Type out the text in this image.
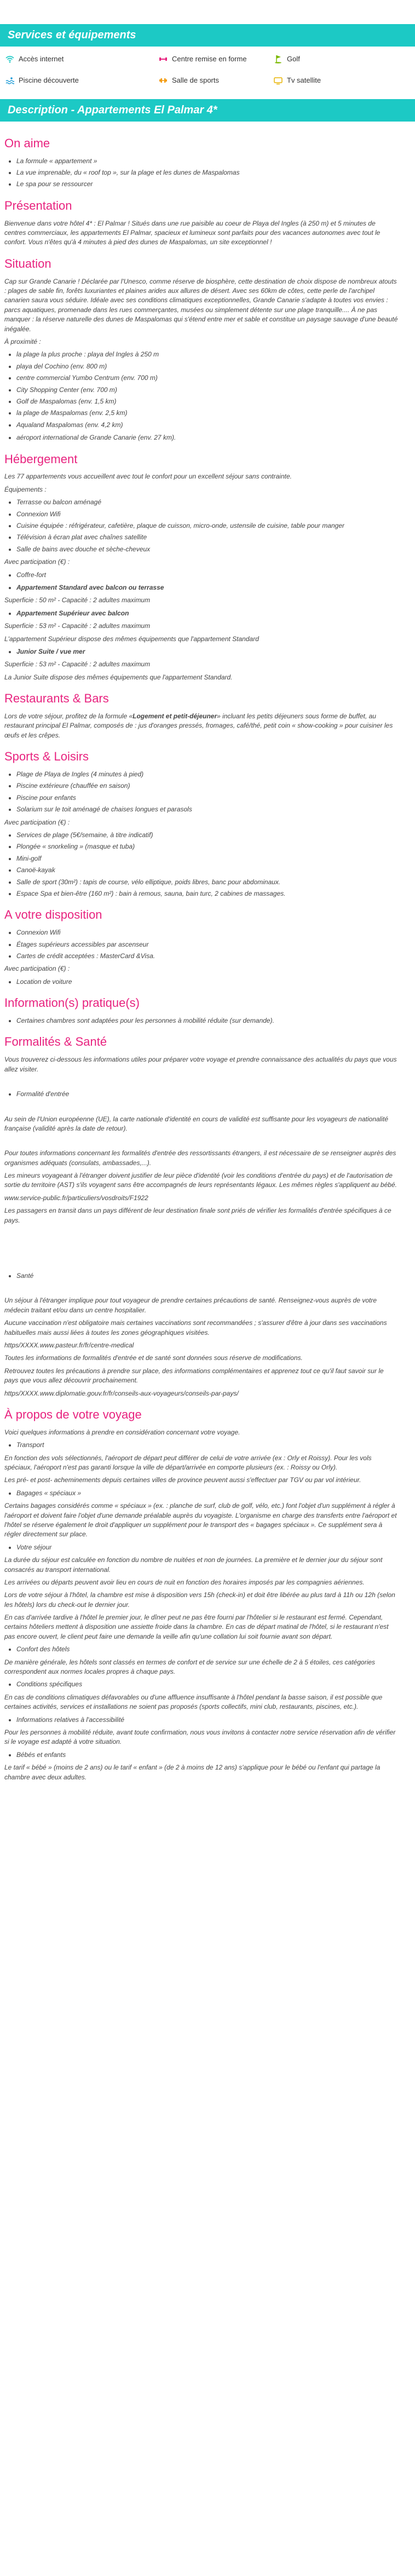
Services et équipements
Accès internet	Centre remise en forme	Golf
Piscine découverte	Salle de sports	Tv satellite
Description - Appartements El Palmar 4*
On aime
• La formule « appartement »
• La vue imprenable, du « roof top », sur la plage et les dunes de Maspalomas
• Le spa pour se ressourcer
Présentation

Bienvenue dans votre hôtel 4* : El Palmar ! Situés dans une rue paisible au coeur de Playa del Ingles (à 250 m) et 5 minutes de centres commerciaux, les appartements El Palmar, spacieux et lumineux sont parfaits pour des vacances autonomes avec tout le confort. Vous n'êtes qu'à 4 minutes à pied des dunes de Maspalomas, un site exceptionnel !

Situation

Cap sur Grande Canarie ! Déclarée par l'Unesco, comme réserve de biosphère, cette destination de choix dispose de nombreux atouts : plages de sable fin, forêts luxuriantes et plaines arides aux allures de désert. Avec ses 60km de côtes, cette perle de l'archipel canarien saura vous séduire. Idéale avec ses conditions climatiques exceptionnelles, Grande Canarie s'adapte à toutes vos envies : parcs aquatiques, promenade dans les rues commerçantes, musées ou simplement détente sur une plage tranquille.... À ne pas manquer : la réserve naturelle des dunes de Maspalomas qui s'étend entre mer et sable et constitue un paysage sauvage d'une beauté inégalée.

À proximité :

• la plage la plus proche : playa del Ingles à 250 m
• playa del Cochino (env. 800 m)
• centre commercial Yumbo Centrum (env. 700 m)
• City Shopping Center (env. 700 m)
• Golf de Maspalomas (env. 1,5 km)
• la plage de Maspalomas (env. 2,5 km)
• Aqualand Maspalomas (env. 4,2 km)
• aéroport international de Grande Canarie (env. 27 km).
Hébergement

Les 77 appartements vous accueillent avec tout le confort pour un excellent séjour sans contrainte.

Équipements :

• Terrasse ou balcon aménagé
• Connexion Wifi
• Cuisine équipée : réfrigérateur, cafetière, plaque de cuisson, micro-onde, ustensile de cuisine, table pour manger
• Télévision à écran plat avec chaînes satellite
• Salle de bains avec douche et sèche-cheveux

Avec participation (€) :

• Coffre-fort
• Appartement Standard avec balcon ou terrasse

Superficie : 50 m² - Capacité : 2 adultes maximum

• Appartement Supérieur avec balcon

Superficie : 53 m² - Capacité : 2 adultes maximum

L'appartement Supérieur dispose des mêmes équipements que l'appartement Standard

• Junior Suite / vue mer

Superficie : 53 m² - Capacité : 2 adultes maximum

La Junior Suite dispose des mêmes équipements que l'appartement Standard.

Restaurants & Bars

Lors de votre séjour, profitez de la formule «Logement et petit-déjeuner» incluant les petits déjeuners sous forme de buffet, au restaurant principal El Palmar, composés de : jus d'oranges pressés, fromages, café/thé, petit coin « show-cooking » pour cuisiner les œufs et les crêpes.

Sports & Loisirs
• Plage de Playa de Ingles (4 minutes à pied)
• Piscine extérieure (chauffée en saison)
• Piscine pour enfants
• Solarium sur le toit aménagé de chaises longues et parasols

Avec participation (€) :

• Services de plage (5€/semaine, à titre indicatif)
• Plongée « snorkeling » (masque et tuba)
• Mini-golf
• Canoë-kayak
• Salle de sport (30m²) : tapis de course, vélo elliptique, poids libres, banc pour abdominaux.
• Espace Spa et bien-être (160 m²) : bain à remous, sauna, bain turc, 2 cabines de massages.
A votre disposition
• Connexion Wifi
• Étages supérieurs accessibles par ascenseur
• Cartes de crédit acceptées : MasterCard &Visa.

Avec participation (€) :

• Location de voiture
Information(s) pratique(s)
• Certaines chambres sont adaptées pour les personnes à mobilité réduite (sur demande).
Formalités & Santé

Vous trouverez ci-dessous les informations utiles pour préparer votre voyage et prendre connaissance des actualités du pays que vous allez visiter.

• Formalité d'entrée

Au sein de l'Union européenne (UE), la carte nationale d'identité en cours de validité est suffisante pour les voyageurs de nationalité française (validité après la date de retour).

Pour toutes informations concernant les formalités d'entrée des ressortissants étrangers, il est nécessaire de se renseigner auprès des organismes adéquats (consulats, ambassades,...).

Les mineurs voyageant à l'étranger doivent justifier de leur pièce d'identité (voir les conditions d'entrée du pays) et de l'autorisation de sortie du territoire (AST) s'ils voyagent sans être accompagnés de leurs représentants légaux. Les mêmes règles s'appliquent au bébé.

www.service-public.fr/particuliers/vosdroits/F1922

Les passagers en transit dans un pays différent de leur destination finale sont priés de vérifier les formalités d'entrée spécifiques à ce pays.

• Santé

Un séjour à l'étranger implique pour tout voyageur de prendre certaines précautions de santé. Renseignez-vous auprès de votre médecin traitant et/ou dans un centre hospitalier.

Aucune vaccination n'est obligatoire mais certaines vaccinations sont recommandées ; s'assurer d'être à jour dans ses vaccinations habituelles mais aussi liées à toutes les zones géographiques visitées.

https/XXXX.www.pasteur.fr/fr/centre-medical

Toutes les informations de formalités d'entrée et de santé sont données sous réserve de modifications.

Retrouvez toutes les précautions à prendre sur place, des informations complémentaires et apprenez tout ce qu'il faut savoir sur le pays que vous allez découvrir prochainement.

https/XXXX.www.diplomatie.gouv.fr/fr/conseils-aux-voyageurs/conseils-par-pays/

À propos de votre voyage

Voici quelques informations à prendre en considération concernant votre voyage.

• Transport

En fonction des vols sélectionnés, l'aéroport de départ peut différer de celui de votre arrivée (ex : Orly et Roissy). Pour les vols spéciaux, l'aéroport n'est pas garanti lorsque la ville de départ/arrivée en comporte plusieurs (ex. : Roissy ou Orly).

Les pré- et post- acheminements depuis certaines villes de province peuvent aussi s'effectuer par TGV ou par vol intérieur.

• Bagages « spéciaux »

Certains bagages considérés comme « spéciaux » (ex. : planche de surf, club de golf, vélo, etc.) font l'objet d'un supplément à régler à l'aéroport et doivent faire l'objet d'une demande préalable auprès du voyagiste. L'organisme en charge des transferts entre l'aéroport et l'hôtel se réserve également le droit d'appliquer un supplément pour le transport des « bagages spéciaux ». Ce supplément sera à régler directement sur place.

• Votre séjour

La durée du séjour est calculée en fonction du nombre de nuitées et non de journées. La première et le dernier jour du séjour sont consacrés au transport international.

Les arrivées ou départs peuvent avoir lieu en cours de nuit en fonction des horaires imposés par les compagnies aériennes.

Lors de votre séjour à l'hôtel, la chambre est mise à disposition vers 15h (check-in) et doit être libérée au plus tard à 11h ou 12h (selon les hôtels) lors du check-out le dernier jour.

En cas d'arrivée tardive à l'hôtel le premier jour, le dîner peut ne pas être fourni par l'hôtelier si le restaurant est fermé. Cependant, certains hôteliers mettent à disposition une assiette froide dans la chambre. En cas de départ matinal de l'hôtel, si le restaurant n'est pas encore ouvert, le client peut faire une demande la veille afin qu'une collation lui soit fournie avant son départ.

• Confort des hôtels

De manière générale, les hôtels sont classés en termes de confort et de service sur une échelle de 2 à 5 étoiles, ces catégories correspondent aux normes locales propres à chaque pays.

• Conditions spécifiques

En cas de conditions climatiques défavorables ou d'une affluence insuffisante à l'hôtel pendant la basse saison, il est possible que certaines activités, services et installations ne soient pas proposés (sports collectifs, mini club, restaurants, piscines, etc.).

• Informations relatives à l'accessibilité

Pour les personnes à mobilité réduite, avant toute confirmation, nous vous invitons à contacter notre service réservation afin de vérifier si le voyage est adapté à votre situation.

• Bébés et enfants

Le tarif « bébé » (moins de 2 ans) ou le tarif « enfant » (de 2 à moins de 12 ans) s'applique pour le bébé ou l'enfant qui partage la chambre avec deux adultes.
